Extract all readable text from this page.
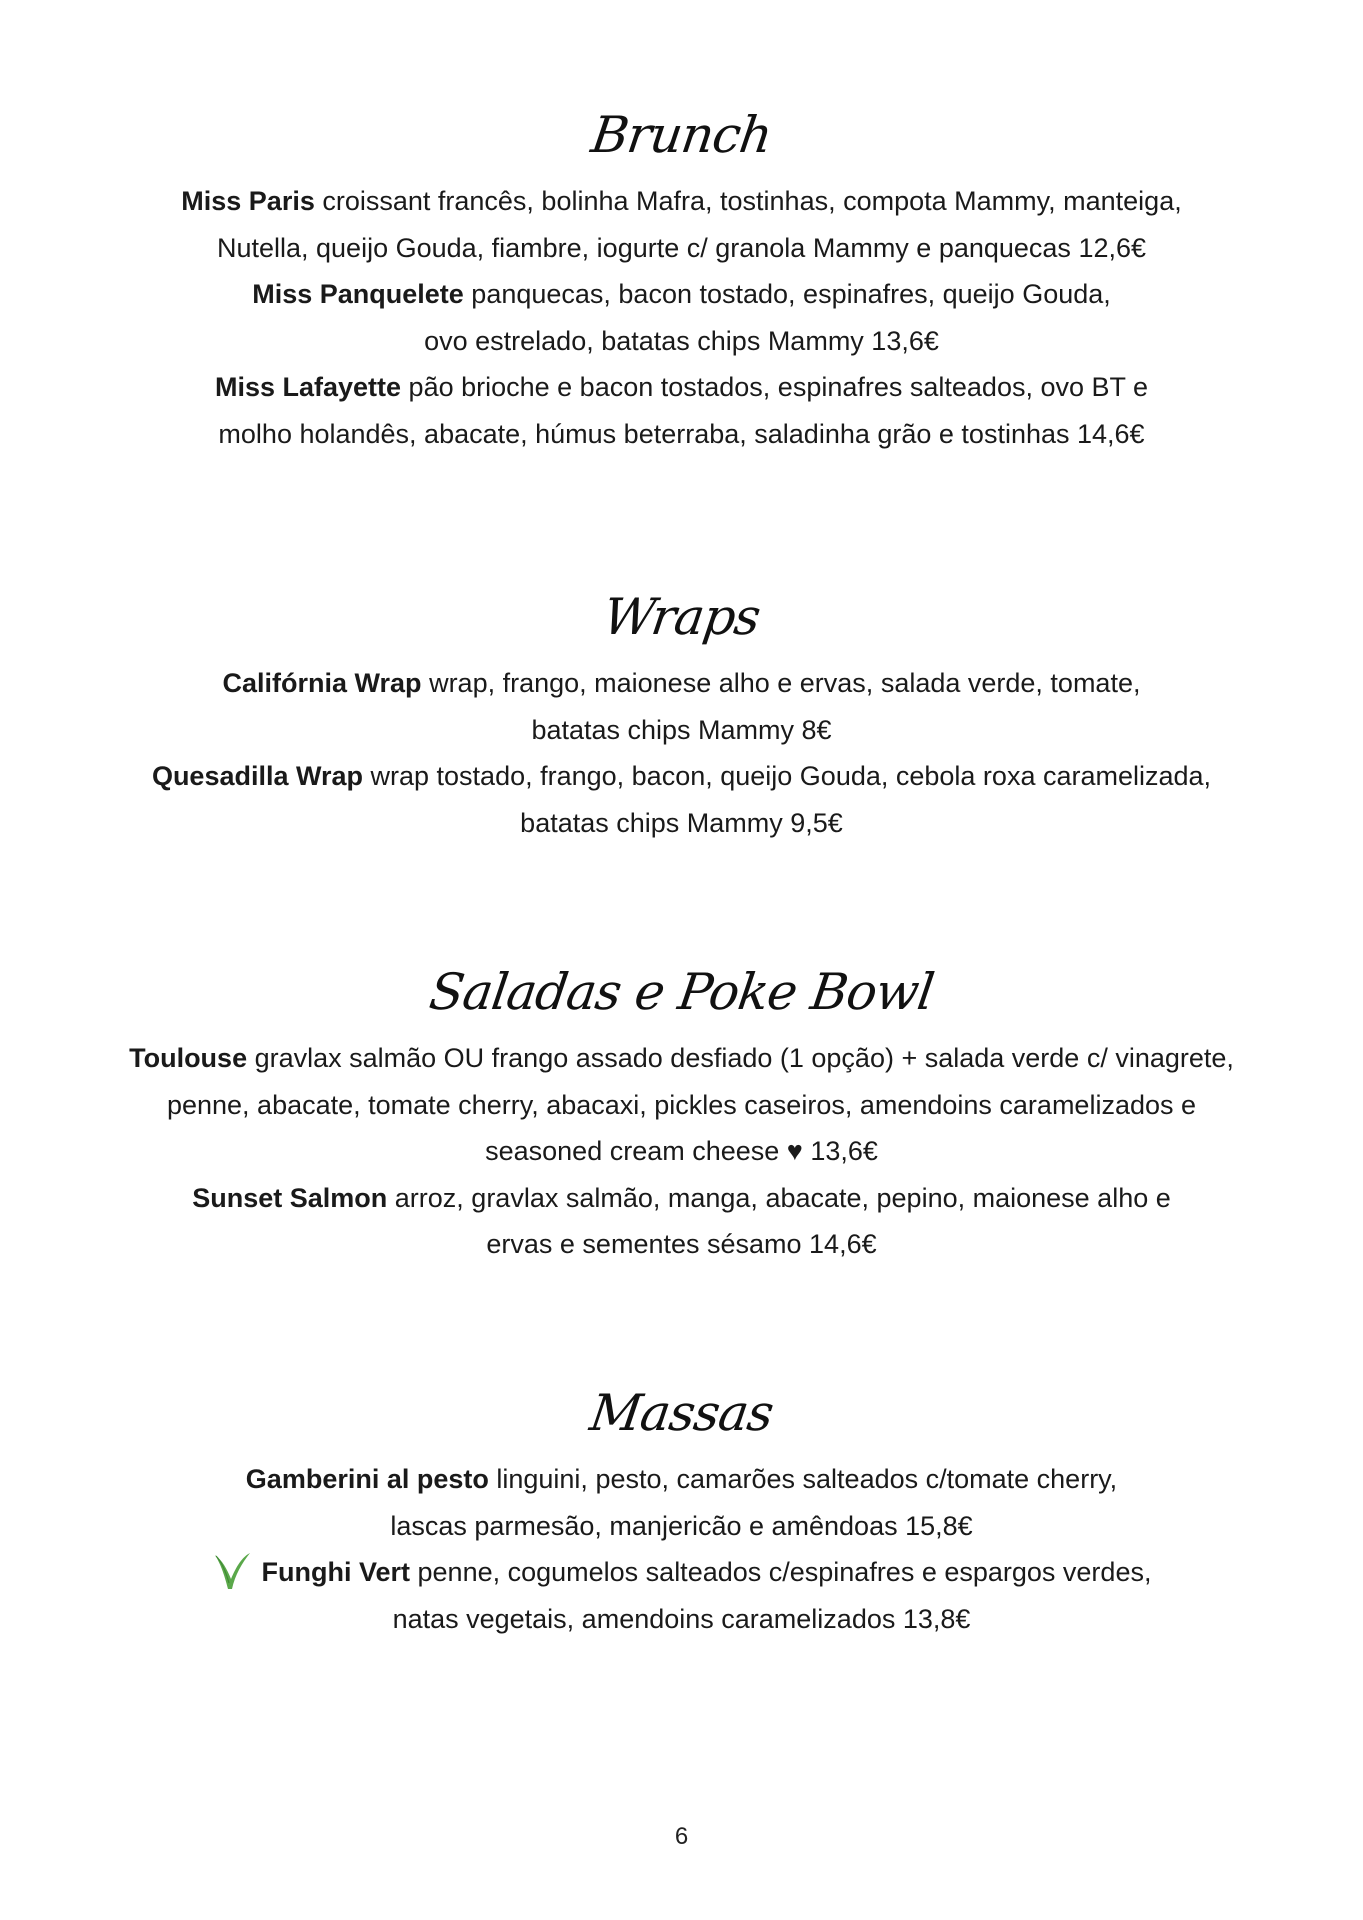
Brunch
Miss Paris croissant francês, bolinha Mafra, tostinhas, compota Mammy, manteiga,
Nutella, queijo Gouda, fiambre, iogurte c/ granola Mammy e panquecas 12,6€
Miss Panquelete panquecas, bacon tostado, espinafres, queijo Gouda,
ovo estrelado, batatas chips Mammy 13,6€
Miss Lafayette pão brioche e bacon tostados, espinafres salteados, ovo BT e
molho holandês, abacate, húmus beterraba, saladinha grão e tostinhas 14,6€
Wraps
Califórnia Wrap wrap, frango, maionese alho e ervas, salada verde, tomate,
batatas chips Mammy 8€
Quesadilla Wrap wrap tostado, frango, bacon, queijo Gouda, cebola roxa caramelizada,
batatas chips Mammy 9,5€
Saladas e Poke Bowl
Toulouse gravlax salmão OU frango assado desfiado (1 opção) + salada verde c/ vinagrete,
penne, abacate, tomate cherry, abacaxi, pickles caseiros, amendoins caramelizados e
seasoned cream cheese ♥ 13,6€
Sunset Salmon arroz, gravlax salmão, manga, abacate, pepino, maionese alho e
ervas e sementes sésamo 14,6€
Massas
Gamberini al pesto linguini, pesto, camarões salteados c/tomate cherry,
lascas parmesão, manjericão e amêndoas 15,8€
Funghi Vert penne, cogumelos salteados c/espinafres e espargos verdes,
natas vegetais, amendoins caramelizados 13,8€
6
